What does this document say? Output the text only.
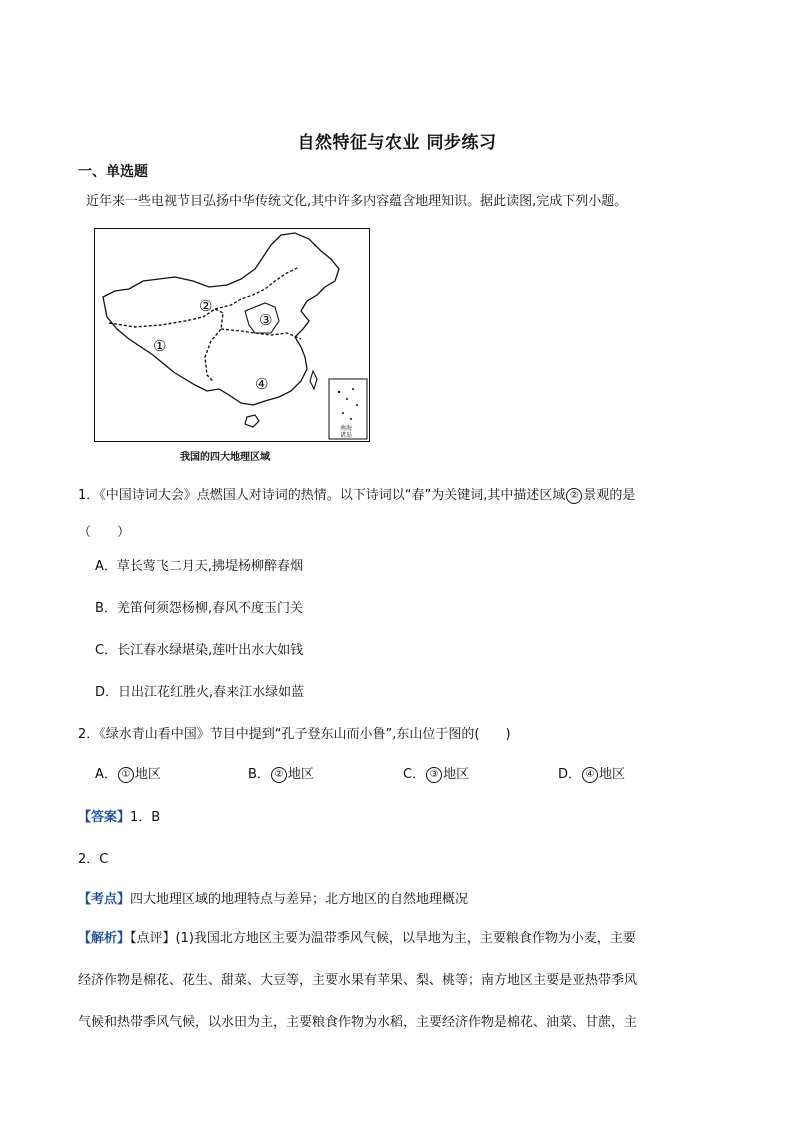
自然特征与农业 同步练习
一、单选题
近年来一些电视节目弘扬中华传统文化,其中许多内容蕴含地理知识。据此读图,完成下列小题。
①
②
③
④
南海
诸岛
我国的四大地理区域
1．《中国诗词大会》点燃国人对诗词的热情。以下诗词以“春”为关键词,其中描述区域 ② 景观的是
（　　）
A．草长莺飞二月天,拂堤杨柳醉春烟
B．羌笛何须怨杨柳,春风不度玉门关
C．长江春水绿堪染,莲叶出水大如钱
D．日出江花红胜火,春来江水绿如蓝
2．《绿水青山看中国》节目中提到“孔子登东山而小鲁”,东山位于图的(　　)
A． ① 地区	B． ② 地区	C． ③ 地区	D． ④ 地区
【答案】1．B
2．C
【考点】四大地理区域的地理特点与差异；北方地区的自然地理概况
【解析】【点评】(1)我国北方地区主要为温带季风气候，以旱地为主，主要粮食作物为小麦，主要
经济作物是棉花、花生、甜菜、大豆等，主要水果有苹果、梨、桃等；南方地区主要是亚热带季风
气候和热带季风气候，以水田为主，主要粮食作物为水稻，主要经济作物是棉花、油菜、甘蔗，主
